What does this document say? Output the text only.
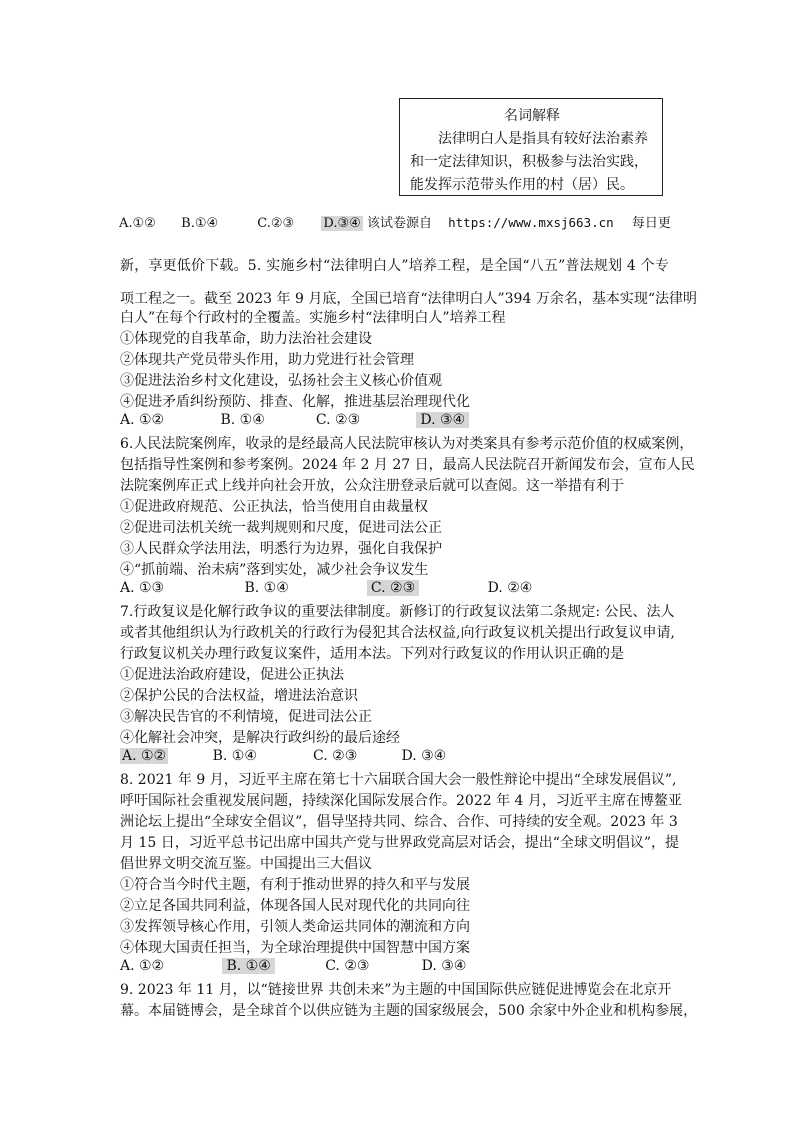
名词解释
法律明白人是指具有较好法治素养
和一定法律知识，积极参与法治实践，
能发挥示范带头作用的村（居）民。
A.①② B.①④	C.②③ D.③④ 该试卷源自 https://www.mxsj663.cn 每日更
新，享更低价下载。5. 实施乡村“法律明白人”培养工程，是全国“八五”普法规划 4 个专
项工程之一。截至 2023 年 9 月底，全国已培育“法律明白人”394 万余名，基本实现“法律明
白人”在每个行政村的全覆盖。实施乡村“法律明白人”培养工程
①体现党的自我革命，助力法治社会建设
②体现共产党员带头作用，助力党进行社会管理
③促进法治乡村文化建设，弘扬社会主义核心价值观
④促进矛盾纠纷预防、排查、化解，推进基层治理现代化
A. ①②	B. ①④	C. ②③	D. ③④
6.人民法院案例库，收录的是经最高人民法院审核认为对类案具有参考示范价值的权威案例，
包括指导性案例和参考案例。2024 年 2 月 27 日，最高人民法院召开新闻发布会，宣布人民
法院案例库正式上线并向社会开放，公众注册登录后就可以查阅。这一举措有利于
①促进政府规范、公正执法，恰当使用自由裁量权
②促进司法机关统一裁判规则和尺度，促进司法公正
③人民群众学法用法，明悉行为边界，强化自我保护
④“抓前端、治未病”落到实处，减少社会争议发生
A. ①③	B. ①④	C. ②③	D. ②④
7.行政复议是化解行政争议的重要法律制度。新修订的行政复议法第二条规定: 公民、法人
或者其他组织认为行政机关的行政行为侵犯其合法权益,向行政复议机关提出行政复议申请,
行政复议机关办理行政复议案件，适用本法。下列对行政复议的作用认识正确的是
①促进法治政府建设，促进公正执法
②保护公民的合法权益，增进法治意识
③解决民告官的不利情境，促进司法公正
④化解社会冲突，是解决行政纠纷的最后途经
A. ①②	B. ①④	C. ②③	D. ③④
8. 2021 年 9 月，习近平主席在第七十六届联合国大会一般性辩论中提出“全球发展倡议”,
呼吁国际社会重视发展问题，持续深化国际发展合作。2022 年 4 月，习近平主席在博鳌亚
洲论坛上提出“全球安全倡议”，倡导坚持共同、综合、合作、可持续的安全观。2023 年 3
月 15 日，习近平总书记出席中国共产党与世界政党高层对话会，提出“全球文明倡议”，提
倡世界文明交流互鉴。中国提出三大倡议
①符合当今时代主题，有利于推动世界的持久和平与发展
②立足各国共同利益，体现各国人民对现代化的共同向往
③发挥领导核心作用，引领人类命运共同体的潮流和方向
④体现大国责任担当，为全球治理提供中国智慧中国方案
A. ①②	B. ①④	C. ②③	D. ③④
9. 2023 年 11 月，以“链接世界 共创未来”为主题的中国国际供应链促进博览会在北京开
幕。本届链博会，是全球首个以供应链为主题的国家级展会，500 余家中外企业和机构参展，
